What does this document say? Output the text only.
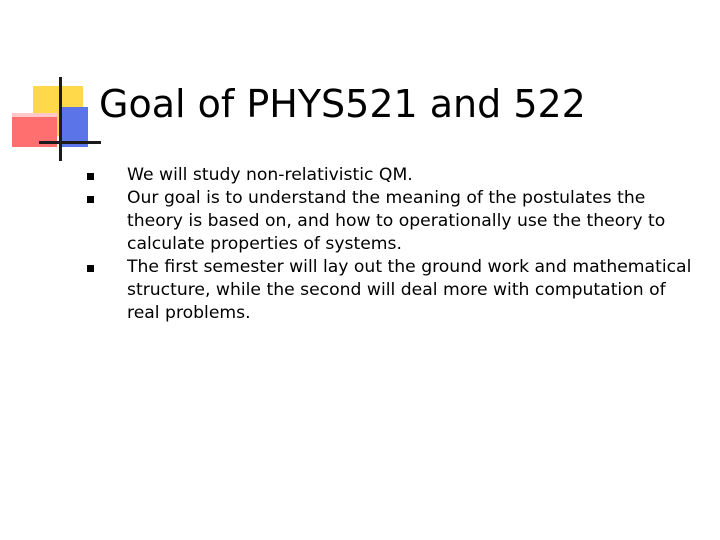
Goal of PHYS521 and 522
We will study non-relativistic QM.
Our goal is to understand the meaning of the postulates the theory is based on, and how to operationally use the theory to calculate properties of systems.
The first semester will lay out the ground work and mathematical structure, while the second will deal more with computation of real problems.
